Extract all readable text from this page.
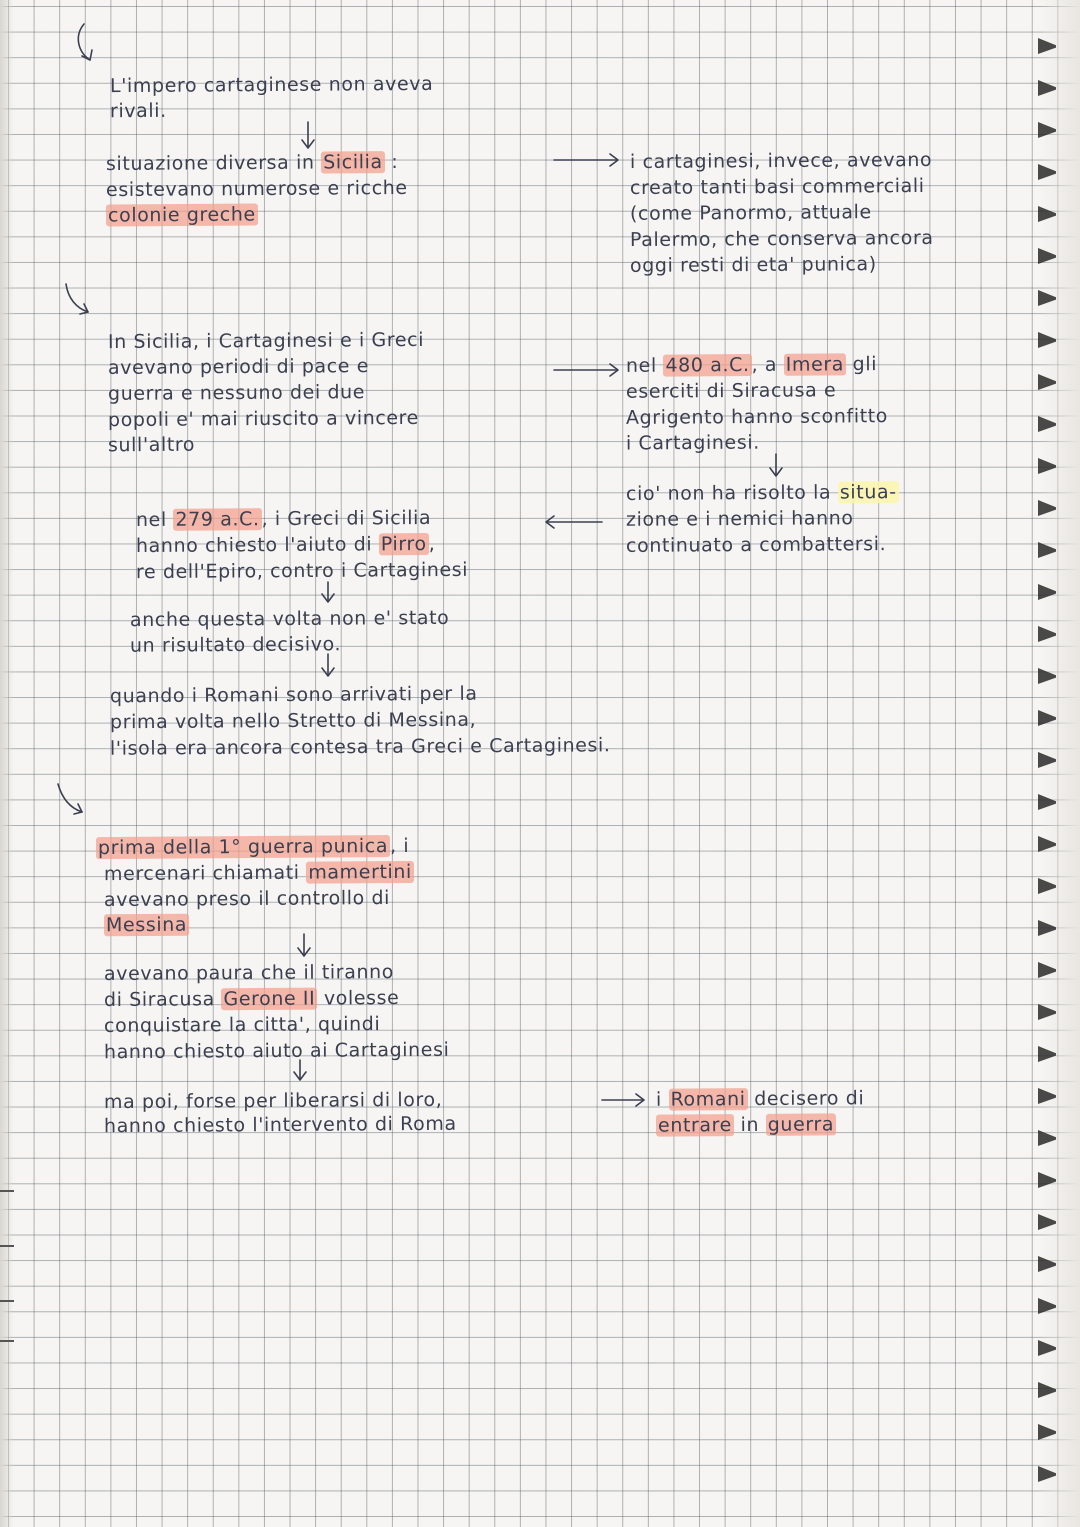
L'impero cartaginese non aveva

rivali.

situazione diversa in Sicilia :

esistevano numerose e ricche

colonie greche

i cartaginesi, invece, avevano

creato tanti basi commerciali

(come Panormo, attuale

Palermo, che conserva ancora

oggi resti di eta' punica)

In Sicilia, i Cartaginesi e i Greci

avevano periodi di pace e

guerra e nessuno dei due

popoli e' mai riuscito a vincere

sull'altro

nel 480 a.C., a Imera gli

eserciti di Siracusa e

Agrigento hanno sconfitto

i Cartaginesi.

cio' non ha risolto la situa-

zione e i nemici hanno

continuato a combattersi.

nel 279 a.C., i Greci di Sicilia

hanno chiesto l'aiuto di Pirro,

re dell'Epiro, contro i Cartaginesi

anche questa volta non e' stato

un risultato decisivo.

quando i Romani sono arrivati per la

prima volta nello Stretto di Messina,

l'isola era ancora contesa tra Greci e Cartaginesi.

prima della 1° guerra punica, i

mercenari chiamati mamertini

avevano preso il controllo di

Messina

avevano paura che il tiranno

di Siracusa Gerone II volesse

conquistare la citta', quindi

hanno chiesto aiuto ai Cartaginesi

ma poi, forse per liberarsi di loro,

hanno chiesto l'intervento di Roma

i Romani decisero di

entrare in guerra
